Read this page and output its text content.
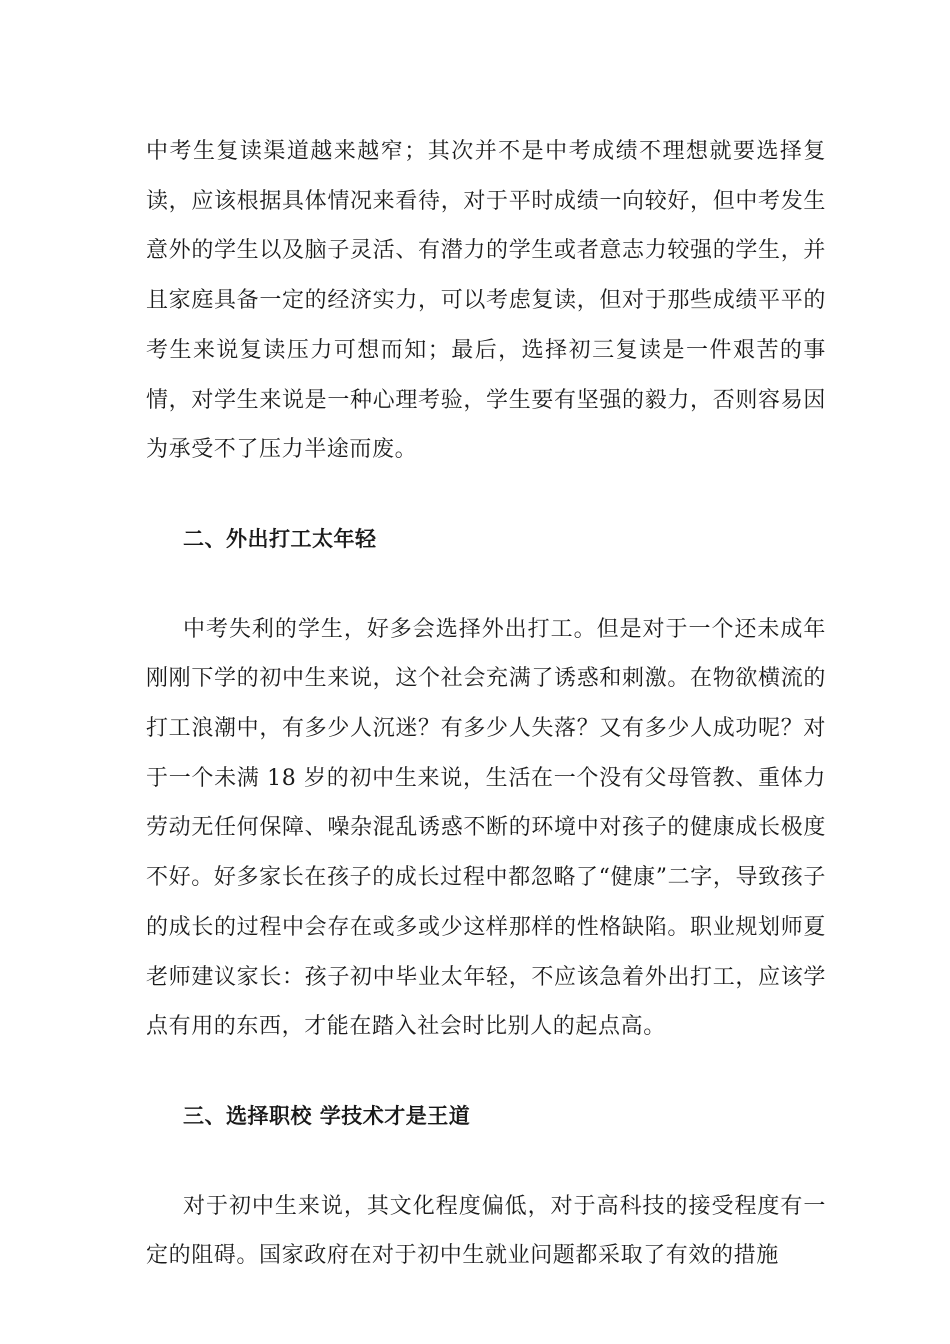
中考生复读渠道越来越窄；其次并不是中考成绩不理想就要选择复读，应该根据具体情况来看待，对于平时成绩一向较好，但中考发生意外的学生以及脑子灵活、有潜力的学生或者意志力较强的学生，并且家庭具备一定的经济实力，可以考虑复读，但对于那些成绩平平的考生来说复读压力可想而知；最后，选择初三复读是一件艰苦的事情，对学生来说是一种心理考验，学生要有坚强的毅力，否则容易因为承受不了压力半途而废。

二、外出打工太年轻

中考失利的学生，好多会选择外出打工。但是对于一个还未成年刚刚下学的初中生来说，这个社会充满了诱惑和刺激。在物欲横流的打工浪潮中，有多少人沉迷？有多少人失落？又有多少人成功呢？对于一个未满 18 岁的初中生来说，生活在一个没有父母管教、重体力劳动无任何保障、噪杂混乱诱惑不断的环境中对孩子的健康成长极度不好。好多家长在孩子的成长过程中都忽略了“健康”二字，导致孩子的成长的过程中会存在或多或少这样那样的性格缺陷。职业规划师夏老师建议家长：孩子初中毕业太年轻，不应该急着外出打工，应该学点有用的东西，才能在踏入社会时比别人的起点高。

三、选择职校 学技术才是王道

对于初中生来说，其文化程度偏低，对于高科技的接受程度有一定的阻碍。国家政府在对于初中生就业问题都采取了有效的措施
